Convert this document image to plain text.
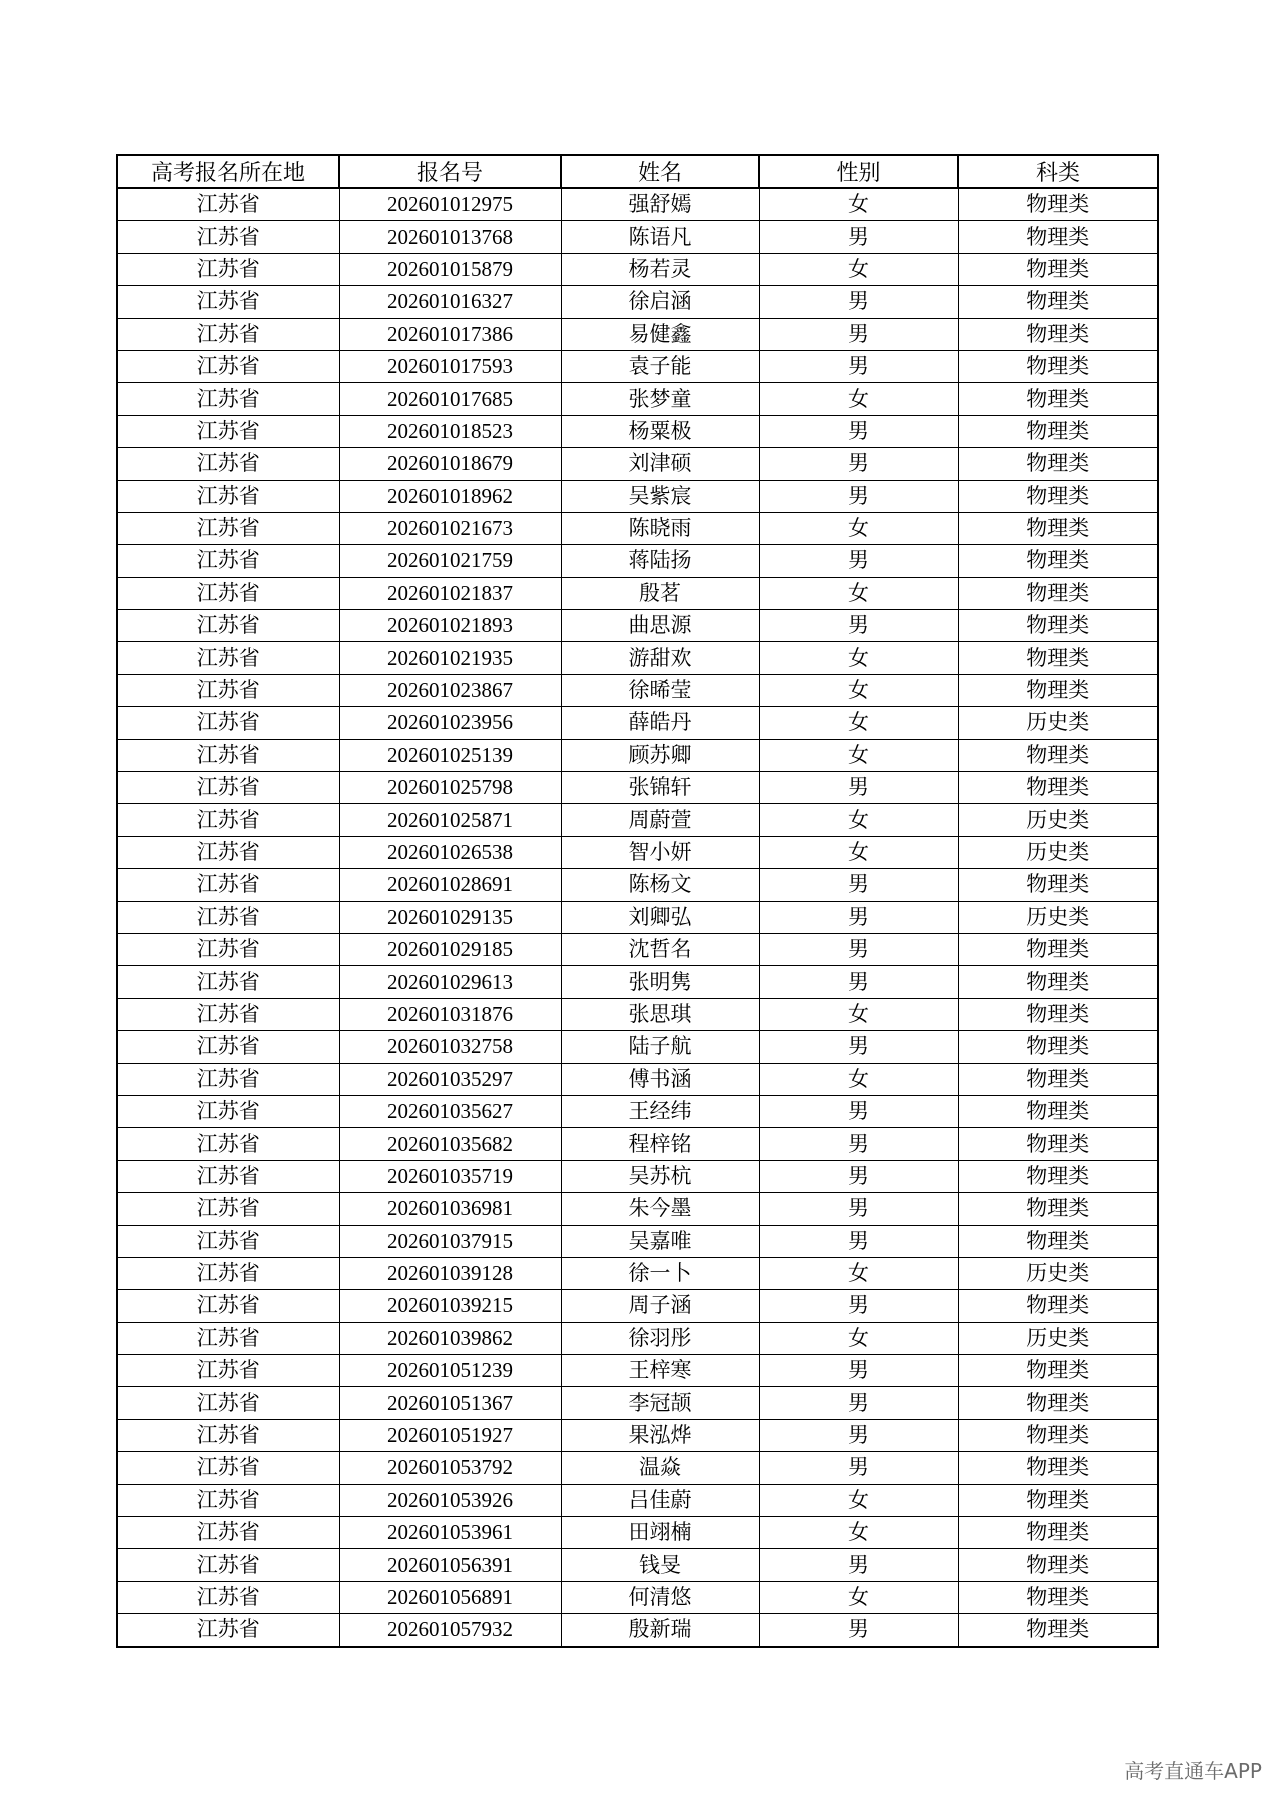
高考报名所在地	报名号	姓名	性别	科类
江苏省	202601012975	强舒嫣	女	物理类
江苏省	202601013768	陈语凡	男	物理类
江苏省	202601015879	杨若灵	女	物理类
江苏省	202601016327	徐启涵	男	物理类
江苏省	202601017386	易健鑫	男	物理类
江苏省	202601017593	袁子能	男	物理类
江苏省	202601017685	张梦童	女	物理类
江苏省	202601018523	杨粟极	男	物理类
江苏省	202601018679	刘津硕	男	物理类
江苏省	202601018962	吴紫宸	男	物理类
江苏省	202601021673	陈晓雨	女	物理类
江苏省	202601021759	蒋陆扬	男	物理类
江苏省	202601021837	殷茗	女	物理类
江苏省	202601021893	曲思源	男	物理类
江苏省	202601021935	游甜欢	女	物理类
江苏省	202601023867	徐晞莹	女	物理类
江苏省	202601023956	薛皓丹	女	历史类
江苏省	202601025139	顾苏卿	女	物理类
江苏省	202601025798	张锦轩	男	物理类
江苏省	202601025871	周蔚萱	女	历史类
江苏省	202601026538	智小妍	女	历史类
江苏省	202601028691	陈杨文	男	物理类
江苏省	202601029135	刘卿弘	男	历史类
江苏省	202601029185	沈哲名	男	物理类
江苏省	202601029613	张明隽	男	物理类
江苏省	202601031876	张思琪	女	物理类
江苏省	202601032758	陆子航	男	物理类
江苏省	202601035297	傅书涵	女	物理类
江苏省	202601035627	王经纬	男	物理类
江苏省	202601035682	程梓铭	男	物理类
江苏省	202601035719	吴苏杭	男	物理类
江苏省	202601036981	朱今墨	男	物理类
江苏省	202601037915	吴嘉唯	男	物理类
江苏省	202601039128	徐一卜	女	历史类
江苏省	202601039215	周子涵	男	物理类
江苏省	202601039862	徐羽彤	女	历史类
江苏省	202601051239	王梓寒	男	物理类
江苏省	202601051367	李冠颉	男	物理类
江苏省	202601051927	果泓烨	男	物理类
江苏省	202601053792	温焱	男	物理类
江苏省	202601053926	吕佳蔚	女	物理类
江苏省	202601053961	田翊楠	女	物理类
江苏省	202601056391	钱旻	男	物理类
江苏省	202601056891	何清悠	女	物理类
江苏省	202601057932	殷新瑞	男	物理类
高考直通车APP
